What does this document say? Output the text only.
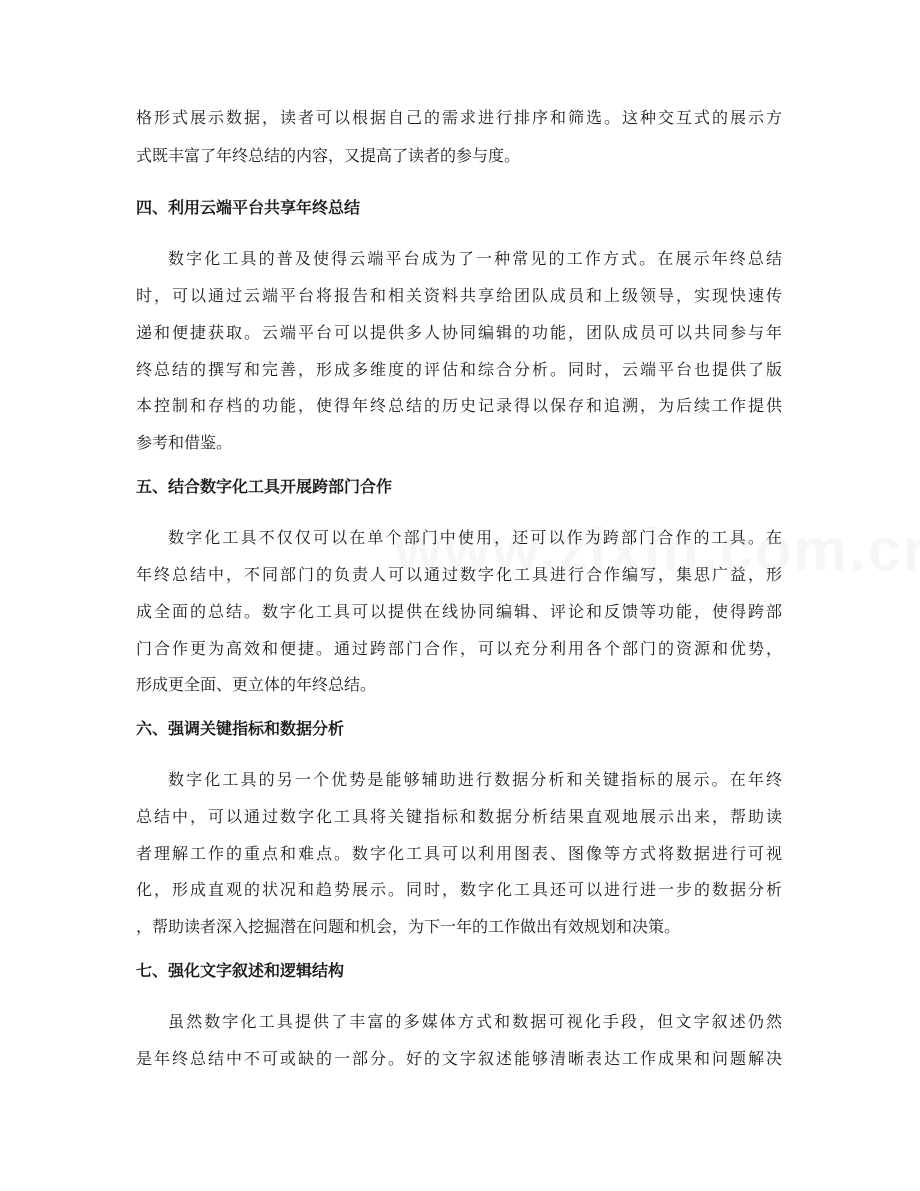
格形式展示数据，读者可以根据自己的需求进行排序和筛选。这种交互式的展示方
式既丰富了年终总结的内容，又提高了读者的参与度。
四、利用云端平台共享年终总结
数字化工具的普及使得云端平台成为了一种常见的工作方式。在展示年终总结
时，可以通过云端平台将报告和相关资料共享给团队成员和上级领导，实现快速传
递和便捷获取。云端平台可以提供多人协同编辑的功能，团队成员可以共同参与年
终总结的撰写和完善，形成多维度的评估和综合分析。同时，云端平台也提供了版
本控制和存档的功能，使得年终总结的历史记录得以保存和追溯，为后续工作提供
参考和借鉴。
五、结合数字化工具开展跨部门合作
数字化工具不仅仅可以在单个部门中使用，还可以作为跨部门合作的工具。在
年终总结中，不同部门的负责人可以通过数字化工具进行合作编写，集思广益，形
成全面的总结。数字化工具可以提供在线协同编辑、评论和反馈等功能，使得跨部
门合作更为高效和便捷。通过跨部门合作，可以充分利用各个部门的资源和优势，
形成更全面、更立体的年终总结。
六、强调关键指标和数据分析
数字化工具的另一个优势是能够辅助进行数据分析和关键指标的展示。在年终
总结中，可以通过数字化工具将关键指标和数据分析结果直观地展示出来，帮助读
者理解工作的重点和难点。数字化工具可以利用图表、图像等方式将数据进行可视
化，形成直观的状况和趋势展示。同时，数字化工具还可以进行进一步的数据分析
，帮助读者深入挖掘潜在问题和机会，为下一年的工作做出有效规划和决策。
七、强化文字叙述和逻辑结构
虽然数字化工具提供了丰富的多媒体方式和数据可视化手段，但文字叙述仍然
是年终总结中不可或缺的一部分。好的文字叙述能够清晰表达工作成果和问题解决
